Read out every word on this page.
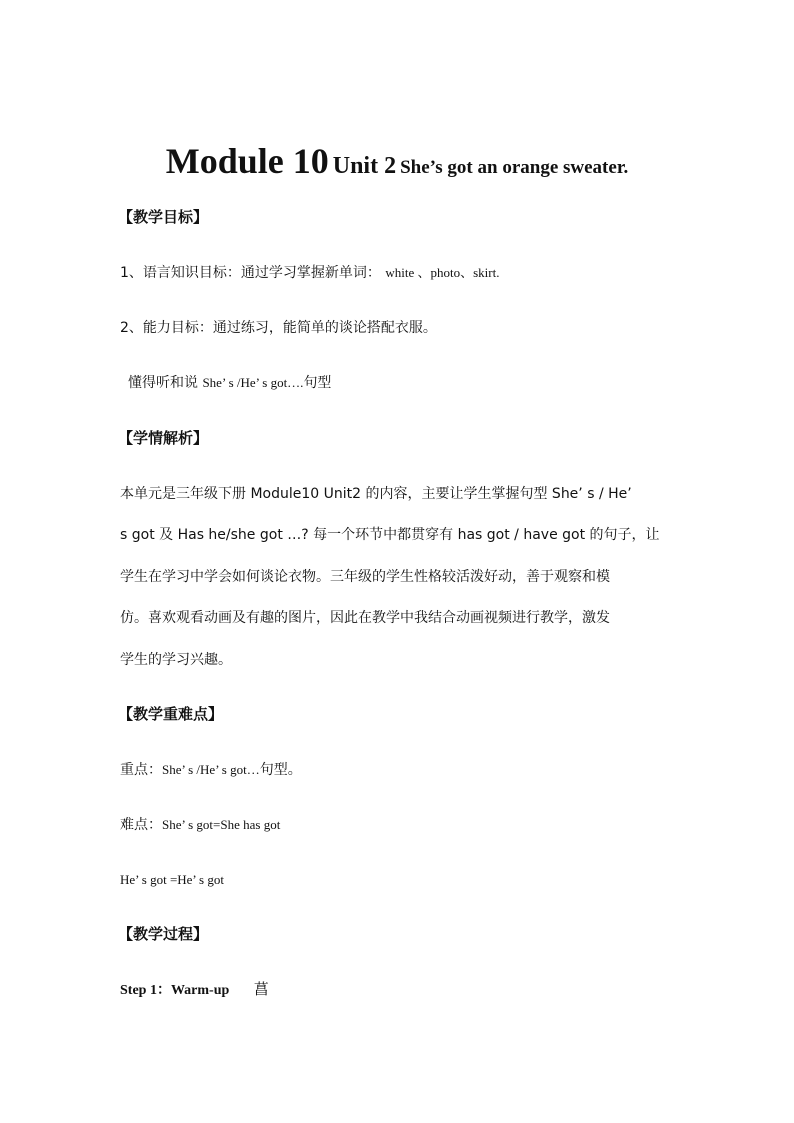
Module 10 Unit 2 She’s got an orange sweater.
【教学目标】
1、语言知识目标：通过学习掌握新单词： white 、photo、skirt.
2、能力目标：通过练习，能简单的谈论搭配衣服。
懂得听和说 She’ s /He’ s got….句型
【学情解析】
本单元是三年级下册 Module10 Unit2 的内容，主要让学生掌握句型 She’ s / He’
s got 及 Has he/she got …? 每一个环节中都贯穿有 has got / have got 的句子，让
学生在学习中学会如何谈论衣物。三年级的学生性格较活泼好动，善于观察和模
仿。喜欢观看动画及有趣的图片，因此在教学中我结合动画视频进行教学，激发
学生的学习兴趣。
【教学重难点】
重点：She’ s /He’ s got…句型。
难点：She’ s got=She has got
He’ s got =He’ s got
【教学过程】
Step 1：Warm-up 菖
